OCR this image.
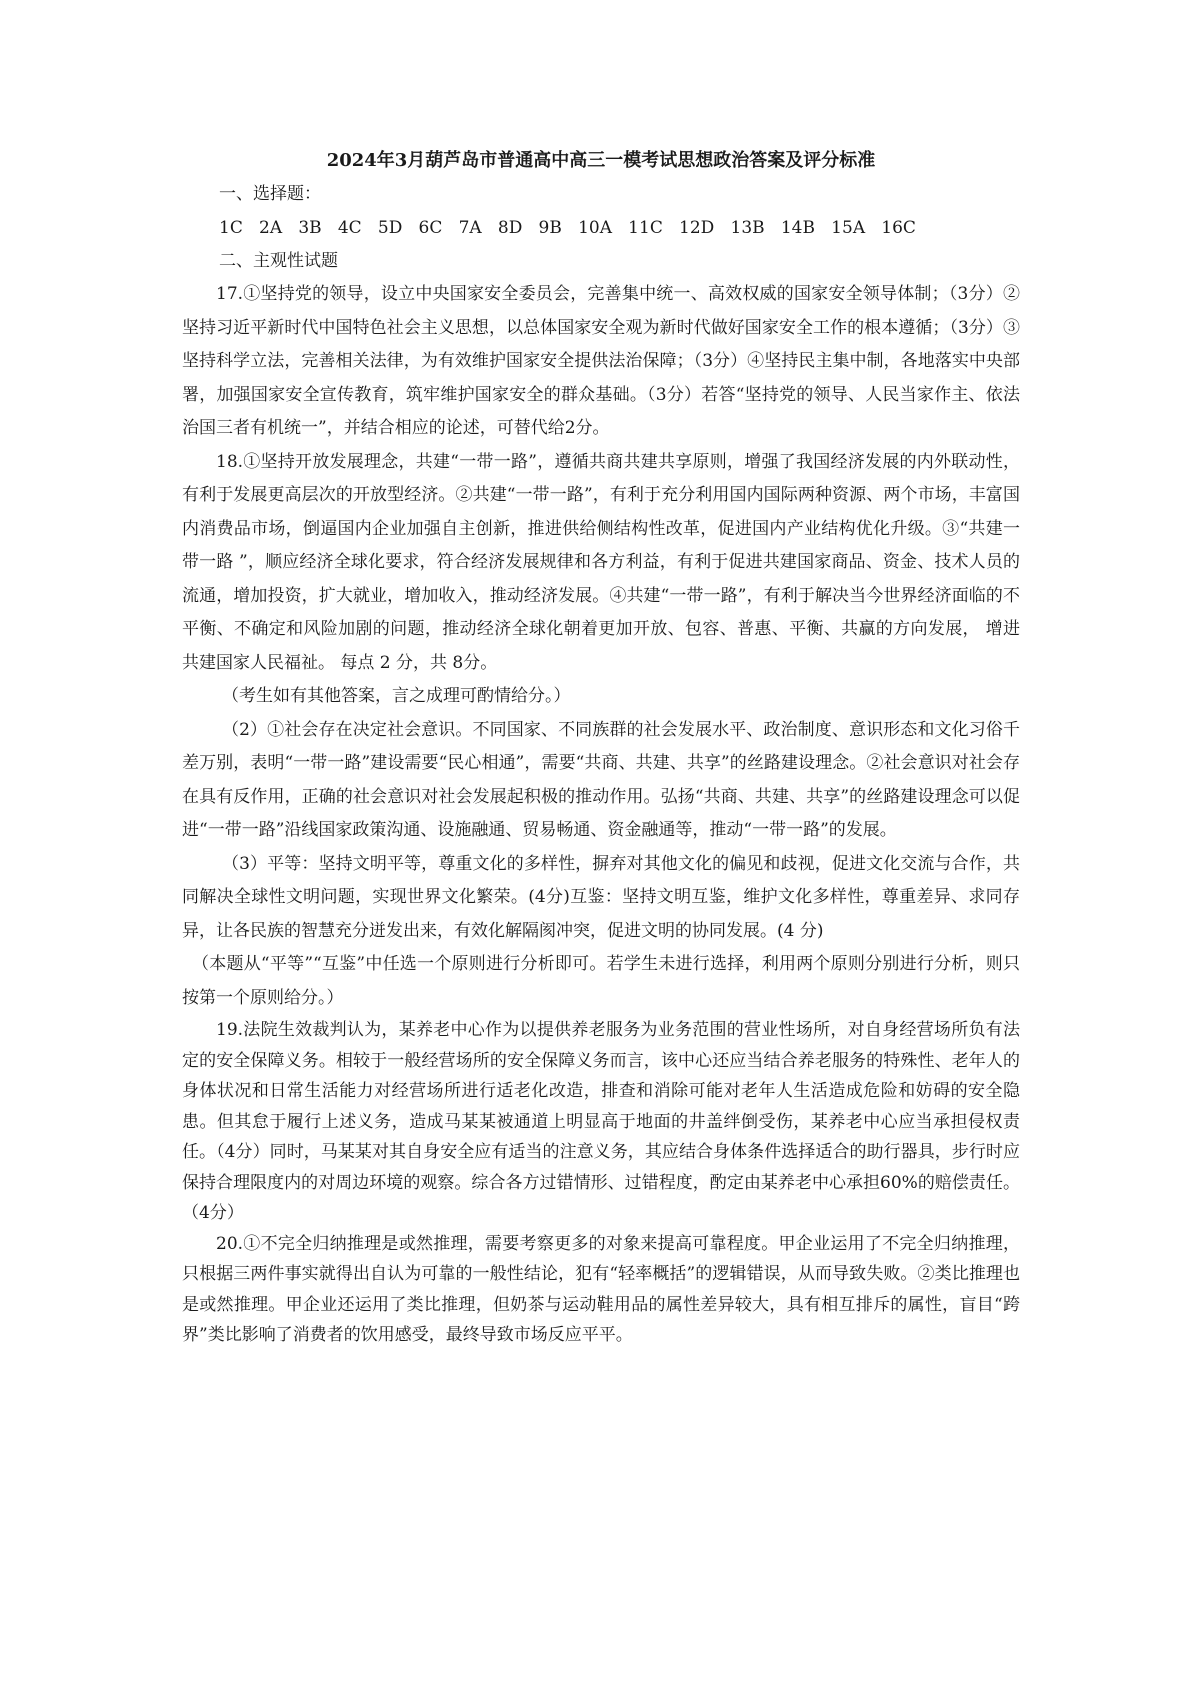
2024年3月葫芦岛市普通高中高三一模考试思想政治答案及评分标准

一、选择题：

1C   2A   3B   4C   5D   6C   7A   8D   9B   10A   11C   12D   13B   14B   15A   16C

二、主观性试题

17.①坚持党的领导，设立中央国家安全委员会，完善集中统一、高效权威的国家安全领导体制；（3分）②坚持习近平新时代中国特色社会主义思想，以总体国家安全观为新时代做好国家安全工作的根本遵循；（3分）③坚持科学立法，完善相关法律，为有效维护国家安全提供法治保障；（3分）④坚持民主集中制，各地落实中央部署，加强国家安全宣传教育，筑牢维护国家安全的群众基础。（3分）若答“坚持党的领导、人民当家作主、依法治国三者有机统一”，并结合相应的论述，可替代给2分。

18.①坚持开放发展理念，共建“一带一路”，遵循共商共建共享原则，增强了我国经济发展的内外联动性，有利于发展更高层次的开放型经济。②共建“一带一路”，有利于充分利用国内国际两种资源、两个市场，丰富国内消费品市场，倒逼国内企业加强自主创新，推进供给侧结构性改革，促进国内产业结构优化升级。③“共建一带一路 ”，顺应经济全球化要求，符合经济发展规律和各方利益，有利于促进共建国家商品、资金、技术人员的流通，增加投资，扩大就业，增加收入，推动经济发展。④共建“一带一路”，有利于解决当今世界经济面临的不平衡、不确定和风险加剧的问题，推动经济全球化朝着更加开放、包容、普惠、平衡、共赢的方向发展， 增进共建国家人民福祉。 每点 2 分，共 8分。

（考生如有其他答案，言之成理可酌情给分。）

（2）①社会存在决定社会意识。不同国家、不同族群的社会发展水平、政治制度、意识形态和文化习俗千差万别，表明“一带一路”建设需要“民心相通”，需要“共商、共建、共享”的丝路建设理念。②社会意识对社会存在具有反作用，正确的社会意识对社会发展起积极的推动作用。弘扬“共商、共建、共享”的丝路建设理念可以促进“一带一路”沿线国家政策沟通、设施融通、贸易畅通、资金融通等，推动“一带一路”的发展。

（3）平等：坚持文明平等，尊重文化的多样性，摒弃对其他文化的偏见和歧视，促进文化交流与合作，共同解决全球性文明问题，实现世界文化繁荣。(4分)互鉴：坚持文明互鉴，维护文化多样性，尊重差异、求同存异，让各民族的智慧充分迸发出来，有效化解隔阂冲突，促进文明的协同发展。(4 分)

（本题从“平等”“互鉴”中任选一个原则进行分析即可。若学生未进行选择，利用两个原则分别进行分析，则只按第一个原则给分。）

19.法院生效裁判认为，某养老中心作为以提供养老服务为业务范围的营业性场所，对自身经营场所负有法定的安全保障义务。相较于一般经营场所的安全保障义务而言，该中心还应当结合养老服务的特殊性、老年人的身体状况和日常生活能力对经营场所进行适老化改造，排查和消除可能对老年人生活造成危险和妨碍的安全隐患。但其怠于履行上述义务，造成马某某被通道上明显高于地面的井盖绊倒受伤，某养老中心应当承担侵权责任。（4分）同时，马某某对其自身安全应有适当的注意义务，其应结合身体条件选择适合的助行器具，步行时应保持合理限度内的对周边环境的观察。综合各方过错情形、过错程度，酌定由某养老中心承担60%的赔偿责任。（4分）

20.①不完全归纳推理是或然推理，需要考察更多的对象来提高可靠程度。甲企业运用了不完全归纳推理，只根据三两件事实就得出自认为可靠的一般性结论，犯有“轻率概括”的逻辑错误，从而导致失败。②类比推理也是或然推理。甲企业还运用了类比推理，但奶茶与运动鞋用品的属性差异较大，具有相互排斥的属性，盲目“跨界”类比影响了消费者的饮用感受，最终导致市场反应平平。
